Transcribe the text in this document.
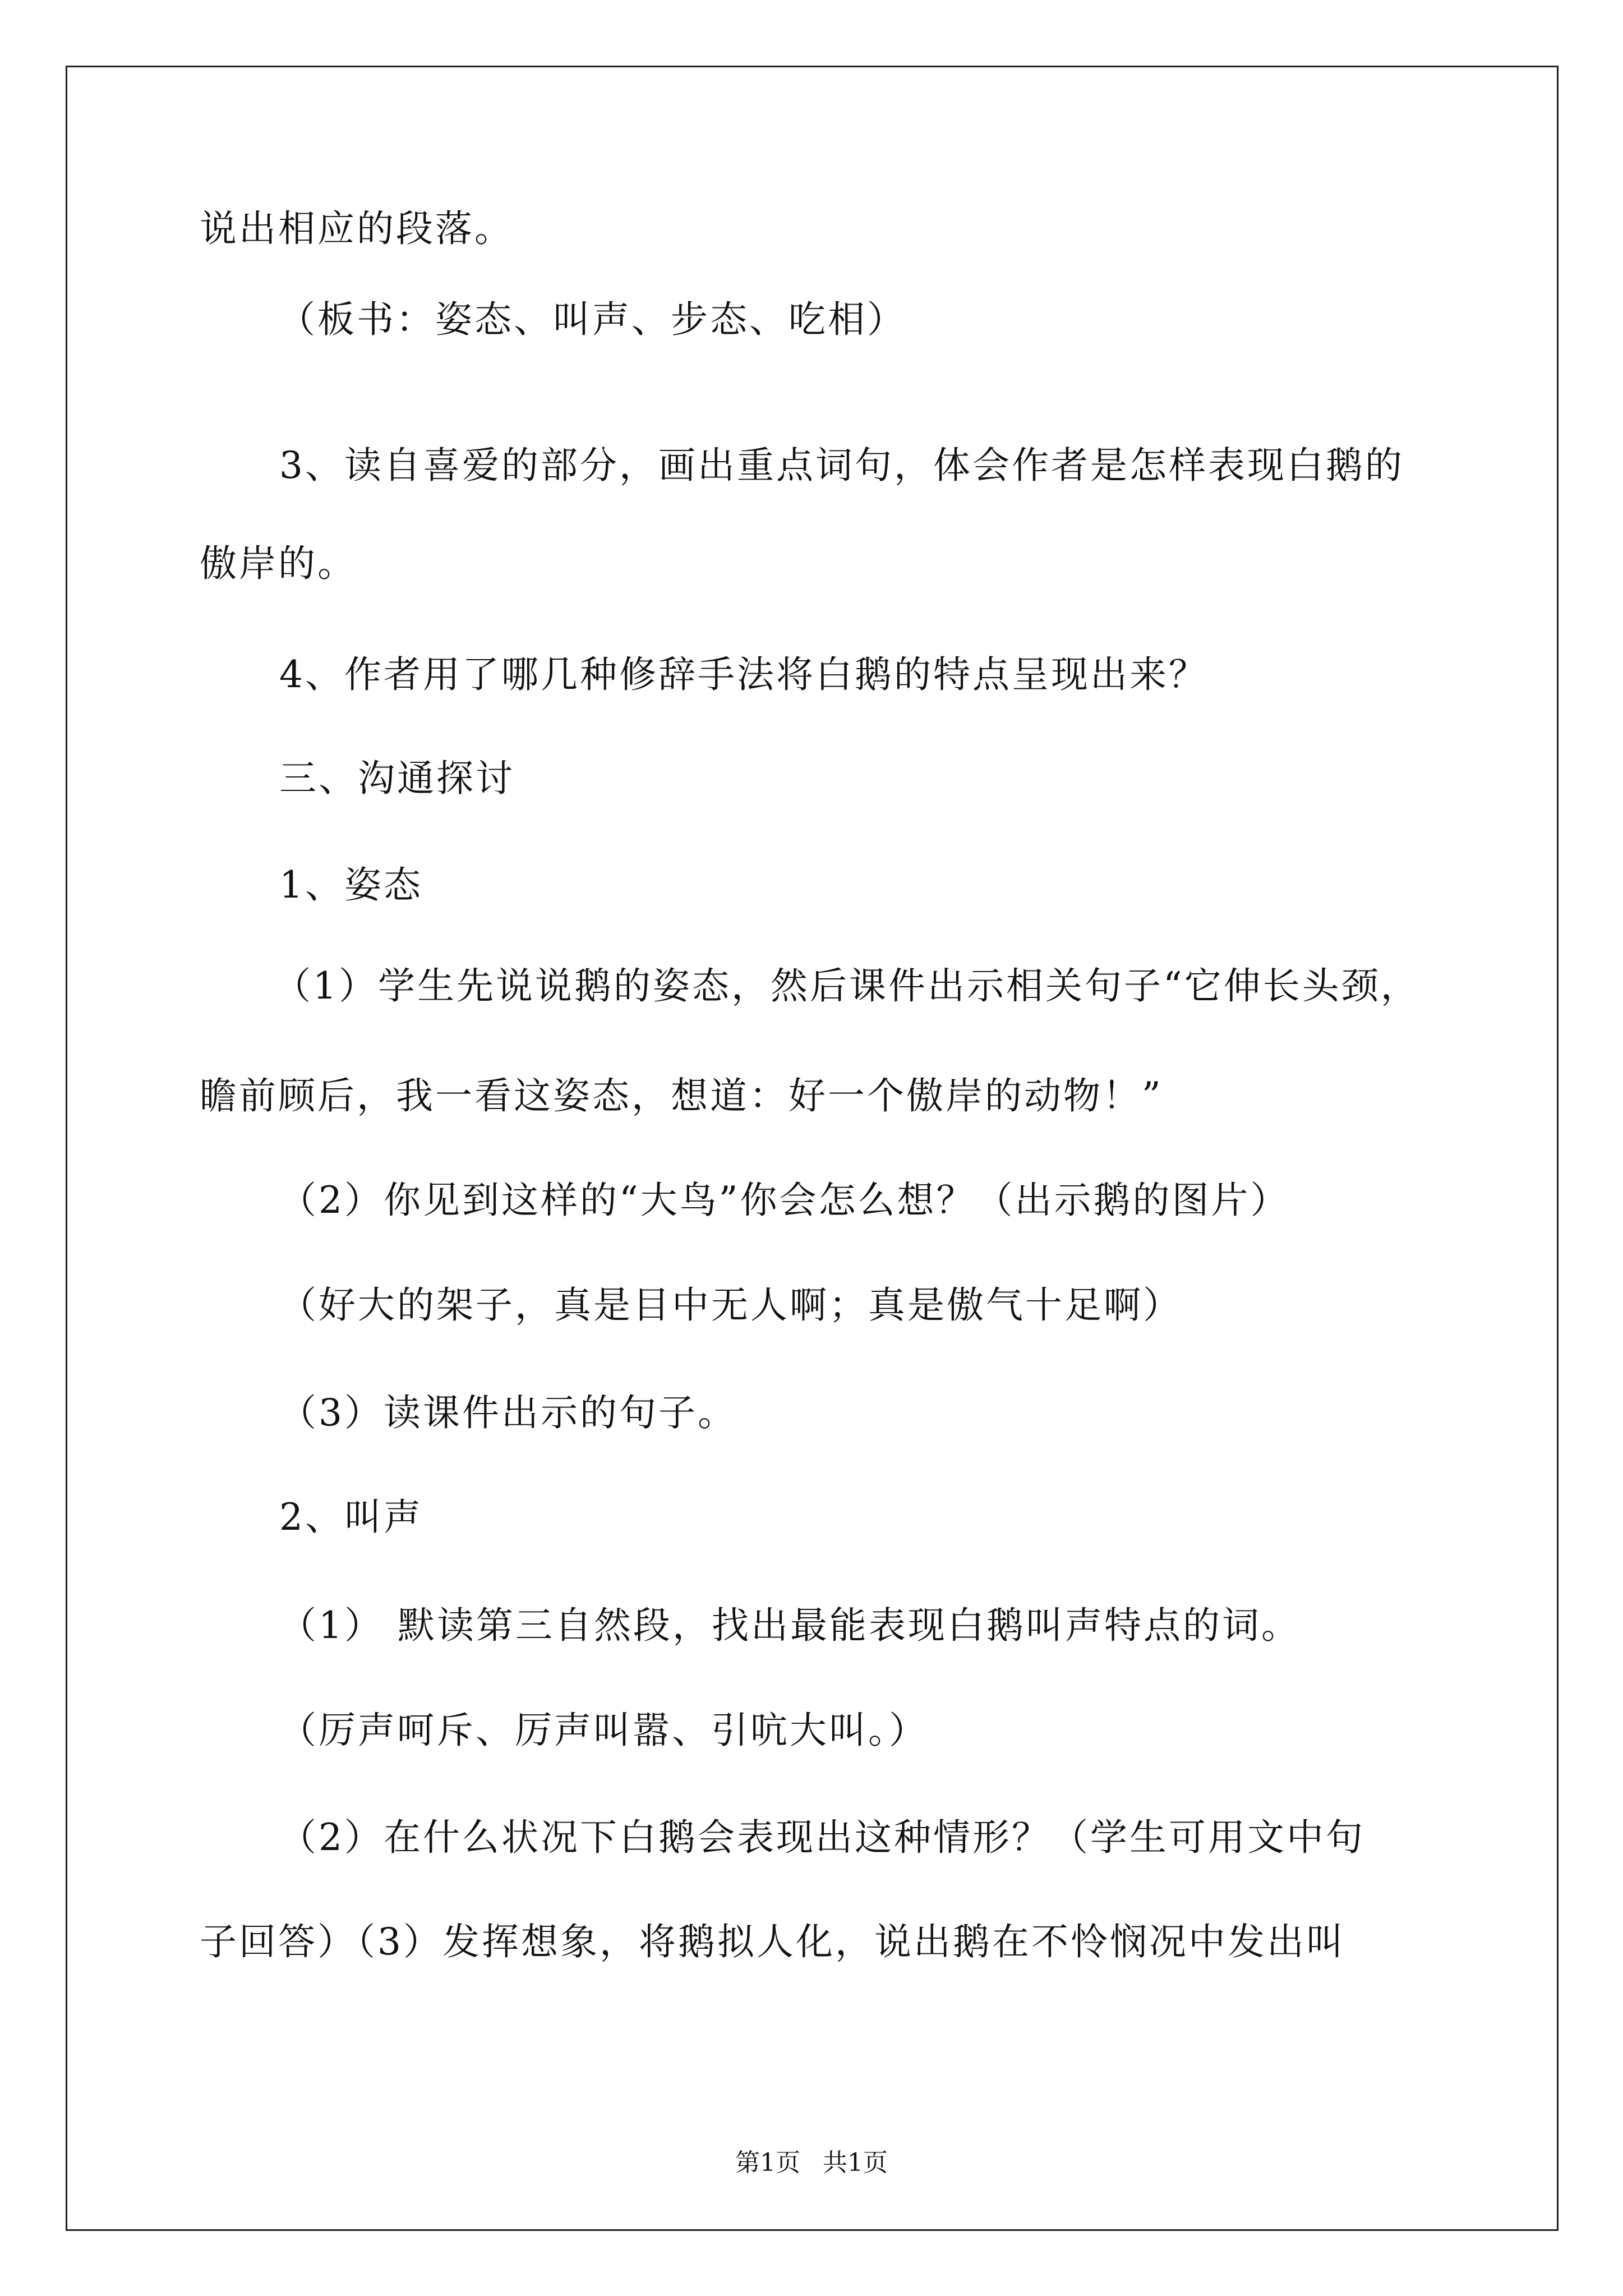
说出相应的段落。
（板书：姿态、叫声、步态、吃相）
3、读自喜爱的部分，画出重点词句，体会作者是怎样表现白鹅的
傲岸的。
4、作者用了哪几种修辞手法将白鹅的特点呈现出来？
三、沟通探讨
1、姿态
（1）学生先说说鹅的姿态，然后课件出示相关句子“它伸长头颈，
瞻前顾后，我一看这姿态，想道：好一个傲岸的动物！”
（2）你见到这样的“大鸟”你会怎么想？（出示鹅的图片）
（好大的架子，真是目中无人啊；真是傲气十足啊）
（3）读课件出示的句子。
2、叫声
（1） 默读第三自然段，找出最能表现白鹅叫声特点的词。
（厉声呵斥、厉声叫嚣、引吭大叫。）
（2）在什么状况下白鹅会表现出这种情形？（学生可用文中句
子回答）（3）发挥想象，将鹅拟人化，说出鹅在不怜悯况中发出叫
第1页 共1页
